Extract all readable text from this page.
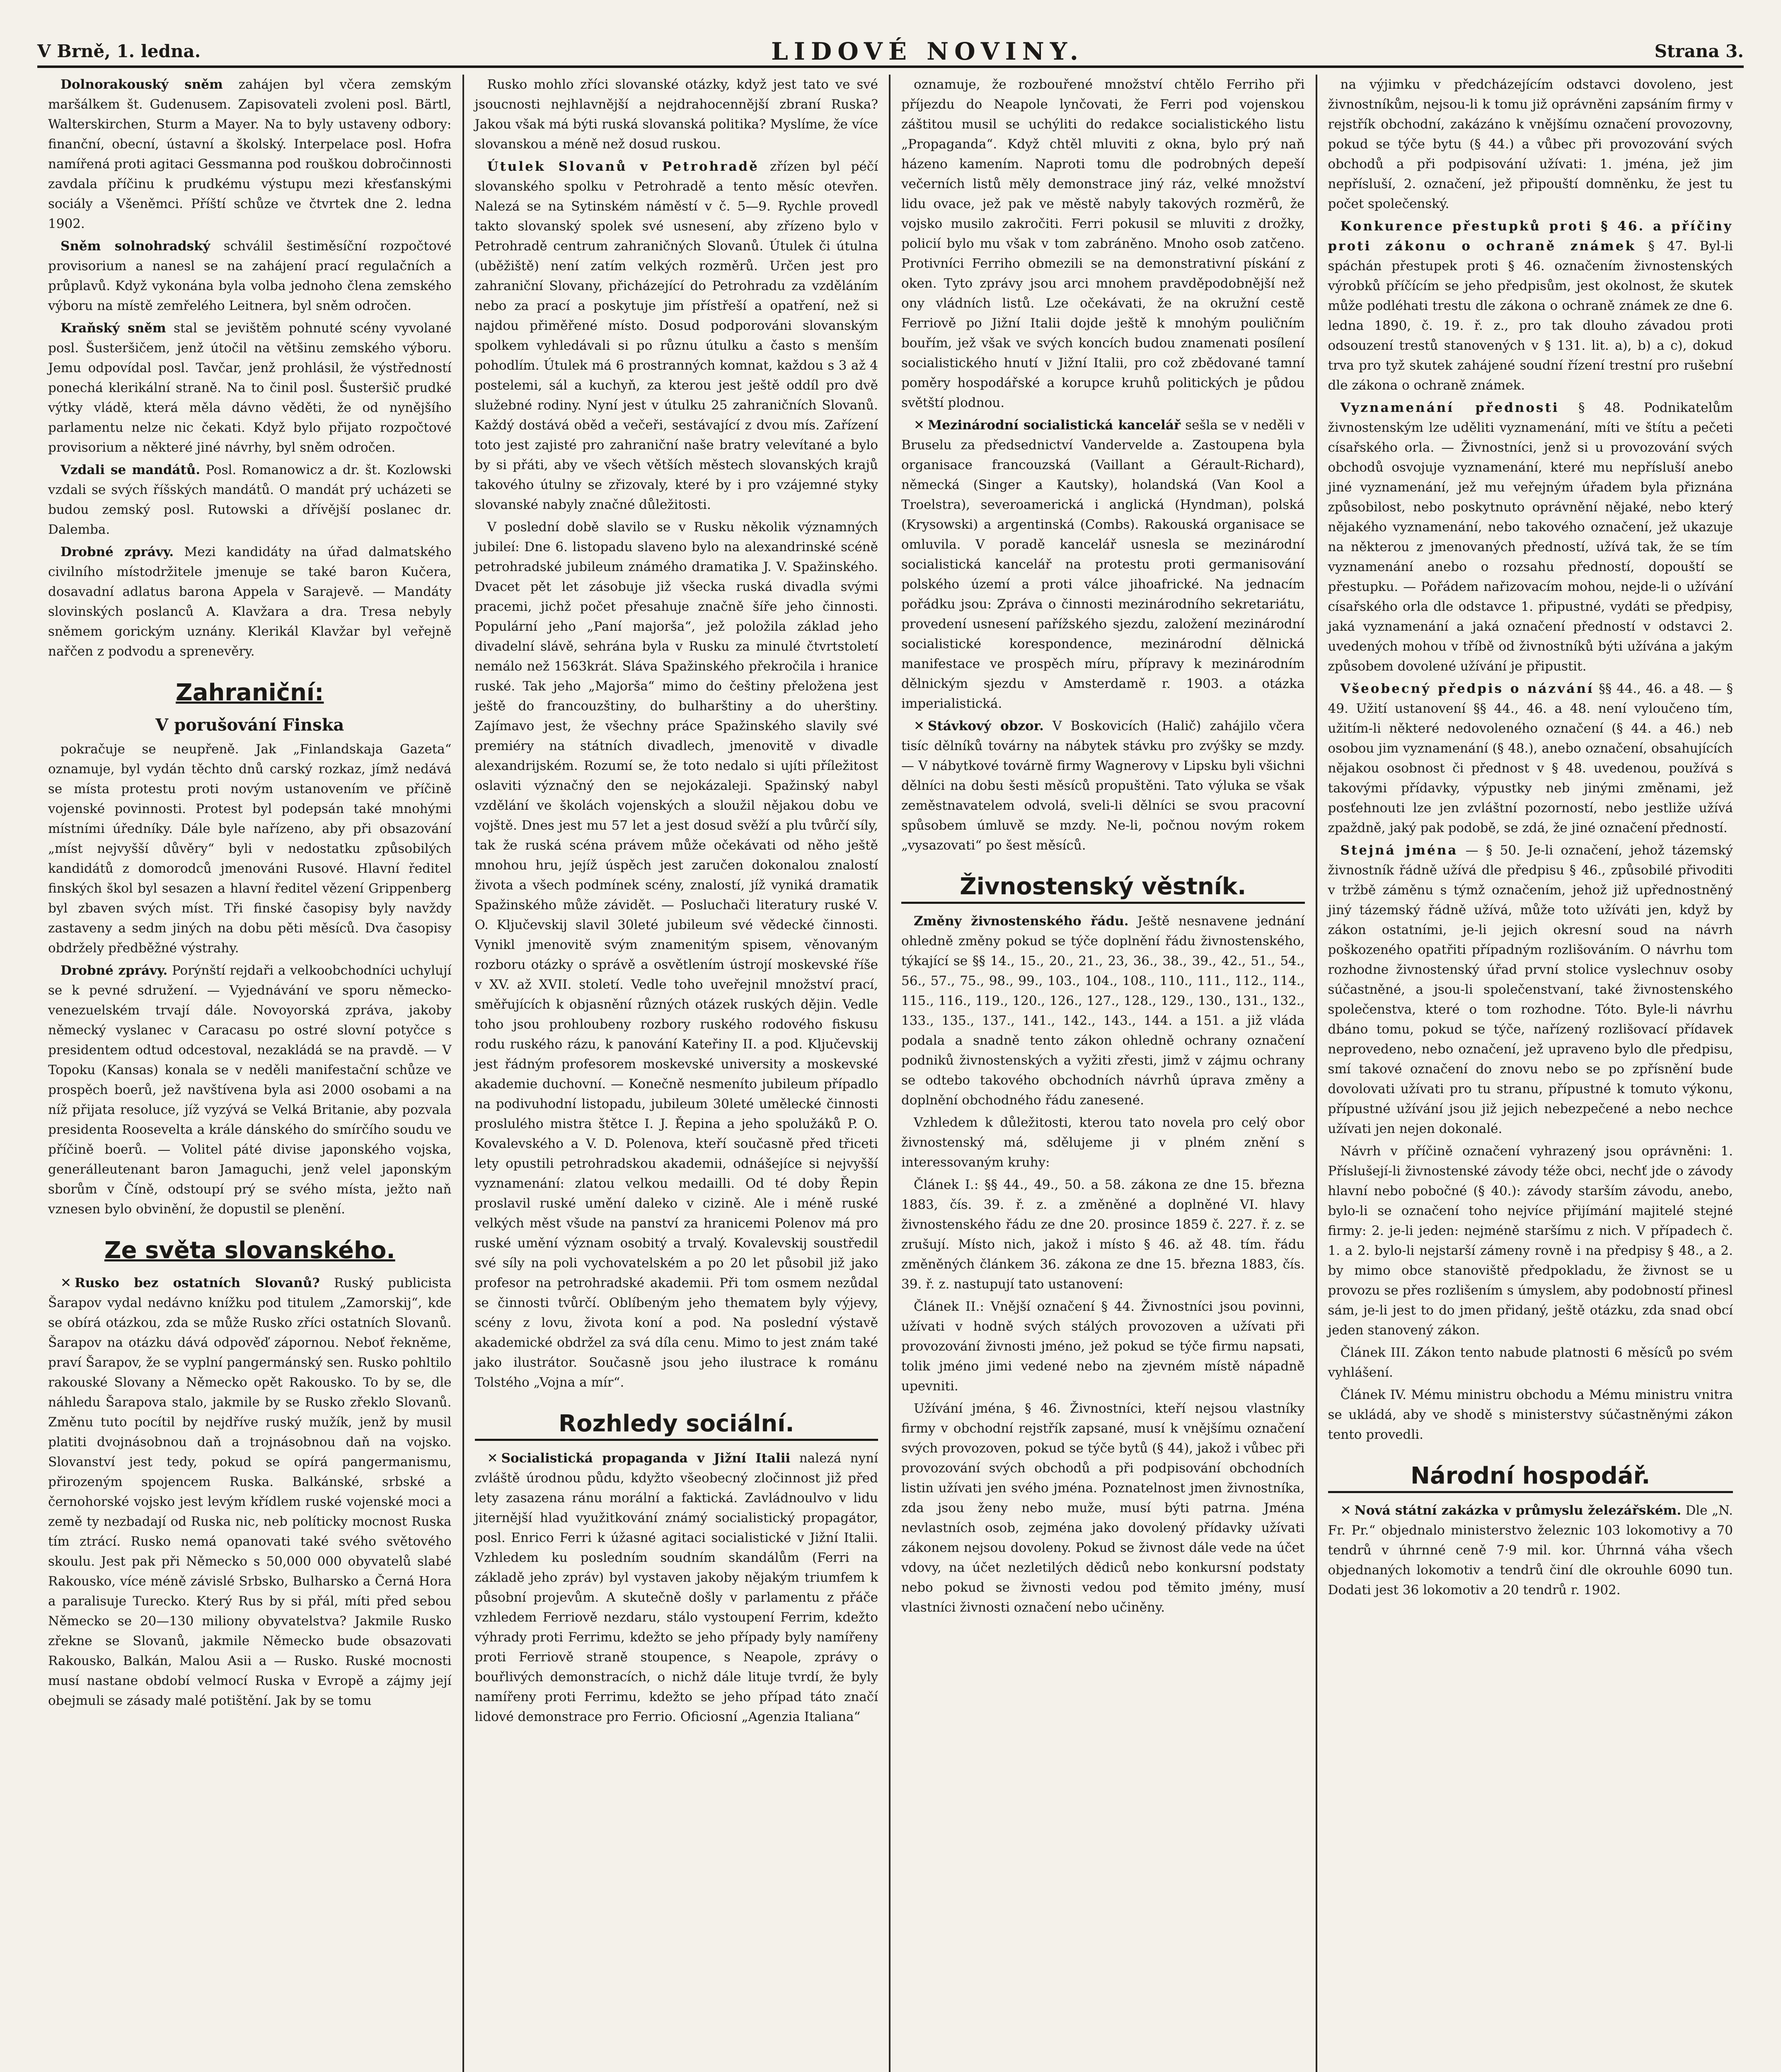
V Brně, 1. ledna.	LIDOVÉ NOVINY.	Strana 3.

Dolnorakouský sněm zahájen byl včera zemským maršálkem št. Gudenusem. Zapisovateli zvoleni posl. Bärtl, Walterskirchen, Sturm a Mayer. Na to byly ustaveny odbory: finanční, obecní, ústavní a školský. Interpelace posl. Hofra namířená proti agitaci Gessmanna pod rouškou dobročinnosti zavdala příčinu k prudkému výstupu mezi křesťanskými sociály a Všeněmci. Příští schůze ve čtvrtek dne 2. ledna 1902.

Sněm solnohradský schválil šestiměsíční rozpočtové provisorium a nanesl se na zahájení prací regulačních a průplavů. Když vykonána byla volba jednoho člena zemského výboru na místě zemřelého Leitnera, byl sněm odročen.

Kraňský sněm stal se jevištěm pohnuté scény vyvolané posl. Šusteršičem, jenž útočil na většinu zemského výboru. Jemu odpovídal posl. Tavčar, jenž prohlásil, že výstředností ponechá klerikální straně. Na to činil posl. Šusteršič prudké výtky vládě, která měla dávno věděti, že od nynějšího parlamentu nelze nic čekati. Když bylo přijato rozpočtové provisorium a některé jiné návrhy, byl sněm odročen.

Vzdali se mandátů. Posl. Romanowicz a dr. št. Kozlowski vzdali se svých říšských mandátů. O mandát prý ucházeti se budou zemský posl. Rutowski a dřívější poslanec dr. Dalemba.

Drobné zprávy. Mezi kandidáty na úřad dalmatského civilního místodržitele jmenuje se také baron Kučera, dosavadní adlatus barona Appela v Sarajevě. — Mandáty slovinských poslanců A. Klavžara a dra. Tresa nebyly sněmem gorickým uznány. Klerikál Klavžar byl veřejně nařčen z podvodu a sprenevěry.

Zahraniční:
V porušování Finska

pokračuje se neupřeně. Jak „Finlandskaja Gazeta“ oznamuje, byl vydán těchto dnů carský rozkaz, jímž nedává se místa protestu proti novým ustanovením ve příčině vojenské povinnosti. Protest byl podepsán také mnohými místními úředníky. Dále byle nařízeno, aby při obsazování „míst nejvyšší důvěry“ byli v nedostatku způsobilých kandidátů z domorodců jmenováni Rusové. Hlavní ředitel finských škol byl sesazen a hlavní ředitel vězení Grippenberg byl zbaven svých míst. Tři finské časopisy byly navždy zastaveny a sedm jiných na dobu pěti měsíců. Dva časopisy obdržely předběžné výstrahy.

Drobné zprávy. Porýnští rejdaři a velkoobchodníci uchylují se k pevné sdružení. — Vyjednávání ve sporu německo-venezuelském trvají dále. Novoyorská zpráva, jakoby německý vyslanec v Caracasu po ostré slovní potyčce s presidentem odtud odcestoval, nezakládá se na pravdě. — V Topoku (Kansas) konala se v neděli manifestační schůze ve prospěch boerů, jež navštívena byla asi 2000 osobami a na níž přijata resoluce, jíž vyzývá se Velká Britanie, aby pozvala presidenta Roosevelta a krále dánského do smírčího soudu ve příčině boerů. — Volitel páté divise japonského vojska, generálleutenant baron Jamaguchi, jenž velel japonským sborům v Číně, odstoupí prý se svého místa, ježto naň vznesen bylo obvinění, že dopustil se plenění.

Ze světa slovanského.

✕ Rusko bez ostatních Slovanů? Ruský publicista Šarapov vydal nedávno knížku pod titulem „Zamorskij“, kde se obírá otázkou, zda se může Rusko zříci ostatních Slovanů. Šarapov na otázku dává odpověď zápornou. Neboť řekněme, praví Šarapov, že se vyplní pangermánský sen. Rusko pohltilo rakouské Slovany a Německo opět Rakousko. To by se, dle náhledu Šarapova stalo, jakmile by se Rusko zřeklo Slovanů. Změnu tuto pocítil by nejdříve ruský mužík, jenž by musil platiti dvojnásobnou daň a trojnásobnou daň na vojsko. Slovanství jest tedy, pokud se opírá pangermanismu, přirozeným spojencem Ruska. Balkánské, srbské a černohorské vojsko jest levým křídlem ruské vojenské moci a země ty nezbadají od Ruska nic, neb políticky mocnost Ruska tím ztrácí. Rusko nemá opanovati také svého světového skoulu. Jest pak při Německo s 50,000 000 obyvatelů slabé Rakousko, více méně závislé Srbsko, Bulharsko a Černá Hora a paralisuje Turecko. Který Rus by si přál, míti před sebou Německo se 20—130 miliony obyvatelstva? Jakmile Rusko zřekne se Slovanů, jakmile Německo bude obsazovati Rakousko, Balkán, Malou Asii a — Rusko. Ruské mocnosti musí nastane období velmocí Ruska v Evropě a zájmy její obejmuli se zásady malé potištění. Jak by se tomu

Rusko mohlo zříci slovanské otázky, když jest tato ve své jsoucnosti nejhlavnější a nejdrahocennější zbraní Ruska? Jakou však má býti ruská slovanská politika? Myslíme, že více slovanskou a méně než dosud ruskou.

Útulek Slovanů v Petrohradě zřízen byl péčí slovanského spolku v Petrohradě a tento měsíc otevřen. Nalezá se na Sytinském náměstí v č. 5—9. Rychle provedl takto slovanský spolek své usnesení, aby zřízeno bylo v Petrohradě centrum zahraničných Slovanů. Útulek či útulna (uběžiště) není zatím velkých rozměrů. Určen jest pro zahraniční Slovany, přicházející do Petrohradu za vzděláním nebo za prací a poskytuje jim přístřeší a opatření, než si najdou přiměřené místo. Dosud podporováni slovanským spolkem vyhledávali si po různu útulku a často s menším pohodlím. Útulek má 6 prostranných komnat, každou s 3 až 4 postelemi, sál a kuchyň, za kterou jest ještě oddíl pro dvě služebné rodiny. Nyní jest v útulku 25 zahraničních Slovanů. Každý dostává oběd a večeři, sestávající z dvou mís. Zařízení toto jest zajisté pro zahraniční naše bratry velevítané a bylo by si přáti, aby ve všech větších městech slovanských krajů takového útulny se zřizovaly, které by i pro vzájemné styky slovanské nabyly značné důležitosti.

V poslední době slavilo se v Rusku několik významných jubileí: Dne 6. listopadu slaveno bylo na alexandrinské scéně petrohradské jubileum známého dramatika J. V. Spažinského. Dvacet pět let zásobuje již všecka ruská divadla svými pracemi, jichž počet přesahuje značně šíře jeho činnosti. Populární jeho „Paní majorša“, jež položila základ jeho divadelní slávě, sehrána byla v Rusku za minulé čtvrtstoletí nemálo než 1563krát. Sláva Spažinského překročila i hranice ruské. Tak jeho „Majorša“ mimo do češtiny přeložena jest ještě do francouzštiny, do bulharštiny a do uherštiny. Zajímavo jest, že všechny práce Spažinského slavily své premiéry na státních divadlech, jmenovitě v divadle alexandrijském. Rozumí se, že toto nedalo si ujíti příležitost oslaviti význačný den se nejokázaleji. Spažinský nabyl vzdělání ve školách vojenských a sloužil nějakou dobu ve vojště. Dnes jest mu 57 let a jest dosud svěží a plu tvůrčí síly, tak že ruská scéna právem může očekávati od něho ještě mnohou hru, jejíž úspěch jest zaručen dokonalou znalostí života a všech podmínek scény, znalostí, jíž vyniká dramatik Spažinského může závidět. — Posluchači literatury ruské V. O. Ključevskij slavil 30leté jubileum své vědecké činnosti. Vynikl jmenovitě svým znamenitým spisem, věnovaným rozboru otázky o správě a osvětlením ústrojí moskevské říše v XV. až XVII. století. Vedle toho uveřejnil množství prací, směřujících k objasnění různých otázek ruských dějin. Vedle toho jsou prohloubeny rozbory ruského rodového fiskusu rodu ruského rázu, k panování Kateřiny II. a pod. Ključevskij jest řádným profesorem moskevské university a moskevské akademie duchovní. — Konečně nesmeníto jubileum případlo na podivuhodní listopadu, jubileum 30leté umělecké činnosti proslulého mistra štětce I. J. Řepina a jeho spolužáků P. O. Kovalevského a V. D. Polenova, kteří současně před třiceti lety opustili petrohradskou akademii, odnášejíce si nejvyšší vyznamenání: zlatou velkou medailli. Od té doby Řepin proslavil ruské umění daleko v cizině. Ale i méně ruské velkých měst všude na panství za hranicemi Polenov má pro ruské umění význam osobitý a trvalý. Kovalevskij soustředil své síly na poli vychovatelském a po 20 let působil již jako profesor na petrohradské akademii. Při tom osmem nezůdal se činnosti tvůrčí. Oblíbeným jeho thematem byly výjevy, scény z lovu, života koní a pod. Na poslední výstavě akademické obdržel za svá díla cenu. Mimo to jest znám také jako ilustrátor. Současně jsou jeho ilustrace k románu Tolstého „Vojna a mír“.

Rozhledy sociální.

✕ Socialistická propaganda v Jižní Italii nalezá nyní zvláště úrodnou půdu, kdyžto všeobecný zločinnost již před lety zasazena ránu morální a faktická. Zavládnoulvo v lidu jiternější hlad využitkování známý socialistický propagátor, posl. Enrico Ferri k úžasné agitaci socialistické v Jižní Italii. Vzhledem ku posledním soudním skandálům (Ferri na základě jeho zpráv) byl vystaven jakoby nějakým triumfem k působní projevům. A skutečně došly v parlamentu z přáče vzhledem Ferriově nezdaru, stálo vystoupení Ferrim, kdežto výhrady proti Ferrimu, kdežto se jeho případy byly namířeny proti Ferriově straně stoupence, s Neapole, zprávy o bouřlivých demonstracích, o nichž dále lituje tvrdí, že byly namířeny proti Ferrimu, kdežto se jeho případ táto značí lidové demonstrace pro Ferrio. Oficiosní „Agenzia Italiana“

oznamuje, že rozbouřené množství chtělo Ferriho při příjezdu do Neapole lynčovati, že Ferri pod vojenskou záštitou musil se uchýliti do redakce socialistického listu „Propaganda“. Když chtěl mluviti z okna, bylo prý naň házeno kamením. Naproti tomu dle podrobných depeší večerních listů měly demonstrace jiný ráz, velké množství lidu ovace, jež pak ve městě nabyly takových rozměrů, že vojsko musilo zakročiti. Ferri pokusil se mluviti z drožky, policií bylo mu však v tom zabráněno. Mnoho osob zatčeno. Protivníci Ferriho obmezili se na demonstrativní pískání z oken. Tyto zprávy jsou arci mnohem pravděpodobnější než ony vládních listů. Lze očekávati, že na okružní cestě Ferriově po Jižní Italii dojde ještě k mnohým pouličním bouřím, jež však ve svých koncích budou znamenati posílení socialistického hnutí v Jižní Italii, pro což zbědované tamní poměry hospodářské a korupce kruhů politických je půdou světští plodnou.

✕ Mezinárodní socialistická kancelář sešla se v neděli v Bruselu za předsednictví Vandervelde a. Zastoupena byla organisace francouzská (Vaillant a Gérault-Richard), německá (Singer a Kautsky), holandská (Van Kool a Troelstra), severoamerická i anglická (Hyndman), polská (Krysowski) a argentinská (Combs). Rakouská organisace se omluvila. V poradě kancelář usnesla se mezinárodní socialistická kancelář na protestu proti germanisování polského území a proti válce jihoafrické. Na jednacím pořádku jsou: Zpráva o činnosti mezinárodního sekretariátu, provedení usnesení pařížského sjezdu, založení mezinárodní socialistické korespondence, mezinárodní dělnická manifestace ve prospěch míru, přípravy k mezinárodním dělnickým sjezdu v Amsterdamě r. 1903. a otázka imperialistická.

✕ Stávkový obzor. V Boskovicích (Halič) zahájilo včera tisíc dělníků továrny na nábytek stávku pro zvýšky se mzdy. — V nábytkové továrně firmy Wagnerovy v Lipsku byli všichni dělníci na dobu šesti měsíců propuštěni. Tato výluka se však zeměstnavatelem odvolá, sveli-li dělníci se svou pracovní spůsobem úmluvě se mzdy. Ne-li, počnou novým rokem „vysazovati“ po šest měsíců.

Živnostenský věstník.

Změny živnostenského řádu. Ještě nesnavene jednání ohledně změny pokud se týče doplnění řádu živnostenského, týkající se §§ 14., 15., 20., 21., 23, 36., 38., 39., 42., 51., 54., 56., 57., 75., 98., 99., 103., 104., 108., 110., 111., 112., 114., 115., 116., 119., 120., 126., 127., 128., 129., 130., 131., 132., 133., 135., 137., 141., 142., 143., 144. a 151. a již vláda podala a snadně tento zákon ohledně ochrany označení podniků živnostenských a vyžiti zřesti, jimž v zájmu ochrany se odtebo takového obchodních návrhů úprava změny a doplnění obchodného řádu zanesené.

Vzhledem k důležitosti, kterou tato novela pro celý obor živnostenský má, sdělujeme ji v plném znění s interessovaným kruhy:

Článek I.: §§ 44., 49., 50. a 58. zákona ze dne 15. března 1883, čís. 39. ř. z. a změněné a doplněné VI. hlavy živnostenského řádu ze dne 20. prosince 1859 č. 227. ř. z. se zrušují. Místo nich, jakož i místo § 46. až 48. tím. řádu změněných článkem 36. zákona ze dne 15. března 1883, čís. 39. ř. z. nastupují tato ustanovení:

Článek II.: Vnější označení § 44. Živnostníci jsou povinni, užívati v hodně svých stálých provozoven a užívati při provozování živnosti jméno, jež pokud se týče firmu napsati, tolik jméno jimi vedené nebo na zjevném místě nápadně upevniti.

Užívání jména, § 46. Živnostníci, kteří nejsou vlastníky firmy v obchodní rejstřík zapsané, musí k vnějšímu označení svých provozoven, pokud se týče bytů (§ 44), jakož i vůbec při provozování svých obchodů a při podpisování obchodních listin užívati jen svého jména. Poznatelnost jmen živnostníka, zda jsou ženy nebo muže, musí býti patrna. Jména nevlastních osob, zejména jako dovolený přídavky užívati zákonem nejsou dovoleny. Pokud se živnost dále vede na účet vdovy, na účet nezletilých dědiců nebo konkursní podstaty nebo pokud se živnosti vedou pod těmito jmény, musí vlastníci živnosti označení nebo učiněny.

na výjimku v předcházejícím odstavci dovoleno, jest živnostníkům, nejsou-li k tomu již oprávněni zapsáním firmy v rejstřík obchodní, zakázáno k vnějšímu označení provozovny, pokud se týče bytu (§ 44.) a vůbec při provozování svých obchodů a při podpisování užívati: 1. jména, jež jim nepřísluší, 2. označení, jež připouští domněnku, že jest tu počet společenský.

Konkurence přestupků proti § 46. a příčiny proti zákonu o ochraně známek § 47. Byl-li spáchán přestupek proti § 46. označením živnostenských výrobků příčícím se jeho předpisům, jest okolnost, že skutek může podléhati trestu dle zákona o ochraně známek ze dne 6. ledna 1890, č. 19. ř. z., pro tak dlouho závadou proti odsouzení trestů stanovených v § 131. lit. a), b) a c), dokud trva pro tyž skutek zahájené soudní řízení trestní pro rušební dle zákona o ochraně známek.

Vyznamenání přednosti § 48. Podnikatelům živnostenským lze uděliti vyznamenání, míti ve štítu a pečeti císařského orla. — Živnostníci, jenž si u provozování svých obchodů osvojuje vyznamenání, které mu nepřísluší anebo jiné vyznamenání, jež mu veřejným úřadem byla přiznána způsobilost, nebo poskytnuto oprávnění nějaké, nebo který nějakého vyznamenání, nebo takového označení, jež ukazuje na některou z jmenovaných předností, užívá tak, že se tím vyznamenání anebo o rozsahu předností, dopouští se přestupku. — Pořádem nařizovacím mohou, nejde-li o užívání císařského orla dle odstavce 1. připustné, vydáti se předpisy, jaká vyznamenání a jaká označení předností v odstavci 2. uvedených mohou v tříbě od živnostníků býti užívána a jakým způsobem dovolené užívání je připustit.

Všeobecný předpis o názvání §§ 44., 46. a 48. — § 49. Užití ustanovení §§ 44., 46. a 48. není vyloučeno tím, užitím-li některé nedovoleného označení (§ 44. a 46.) neb osobou jim vyznamenání (§ 48.), anebo označení, obsahujících nějakou osobnost či přednost v § 48. uvedenou, používá s takovými přídavky, výpustky neb jinými změnami, jež posťehnouti lze jen zvláštní pozorností, nebo jestliže užívá zpaždně, jaký pak podobě, se zdá, že jiné označení předností.

Stejná jména — § 50. Je-li označení, jehož tázemský živnostník řádně užívá dle předpisu § 46., způsobilé přivoditi v tržbě záměnu s týmž označením, jehož již upřednostněný jiný tázemský řádně užívá, může toto užíváti jen, když by zákon ostatními, je-li jejich okresní soud na návrh poškozeného opatřiti případným rozlišováním. O návrhu tom rozhodne živnostenský úřad první stolice vyslechnuv osoby súčastněné, a jsou-li společenstvaní, také živnostenského společenstva, které o tom rozhodne. Tóto. Byle-li návrhu dbáno tomu, pokud se týče, nařízený rozlišovací přídavek neprovedeno, nebo označení, jež upraveno bylo dle předpisu, smí takové označení do znovu nebo se po zpřísnění bude dovolovati užívati pro tu stranu, přípustné k tomuto výkonu, přípustné užívání jsou již jejich nebezpečené a nebo nechce užívati jen nejen dokonalé.

Návrh v příčině označení vyhrazený jsou oprávněni: 1. Příslušejí-li živnostenské závody téže obci, nechť jde o závody hlavní nebo pobočné (§ 40.): závody starším závodu, anebo, bylo-li se označení toho nejvíce přijímání majitelé stejné firmy: 2. je-li jeden: nejméně staršímu z nich. V případech č. 1. a 2. bylo-li nejstarší zámeny rovně i na předpisy § 48., a 2. by mimo obce stanoviště předpokladu, že živnost se u provozu se přes rozlišením s úmyslem, aby podobností přinesl sám, je-li jest to do jmen přidaný, ještě otázku, zda snad obcí jeden stanovený zákon.

Článek III. Zákon tento nabude platnosti 6 měsíců po svém vyhlášení.

Článek IV. Mému ministru obchodu a Mému ministru vnitra se ukládá, aby ve shodě s ministerstvy súčastněnými zákon tento provedli.

Národní hospodář.

✕ Nová státní zakázka v průmyslu železářském. Dle „N. Fr. Pr.“ objednalo ministerstvo železnic 103 lokomotivy a 70 tendrů v úhrnné ceně 7·9 mil. kor. Úhrnná váha všech objednaných lokomotiv a tendrů činí dle okrouhle 6090 tun. Dodati jest 36 lokomotiv a 20 tendrů r. 1902.
